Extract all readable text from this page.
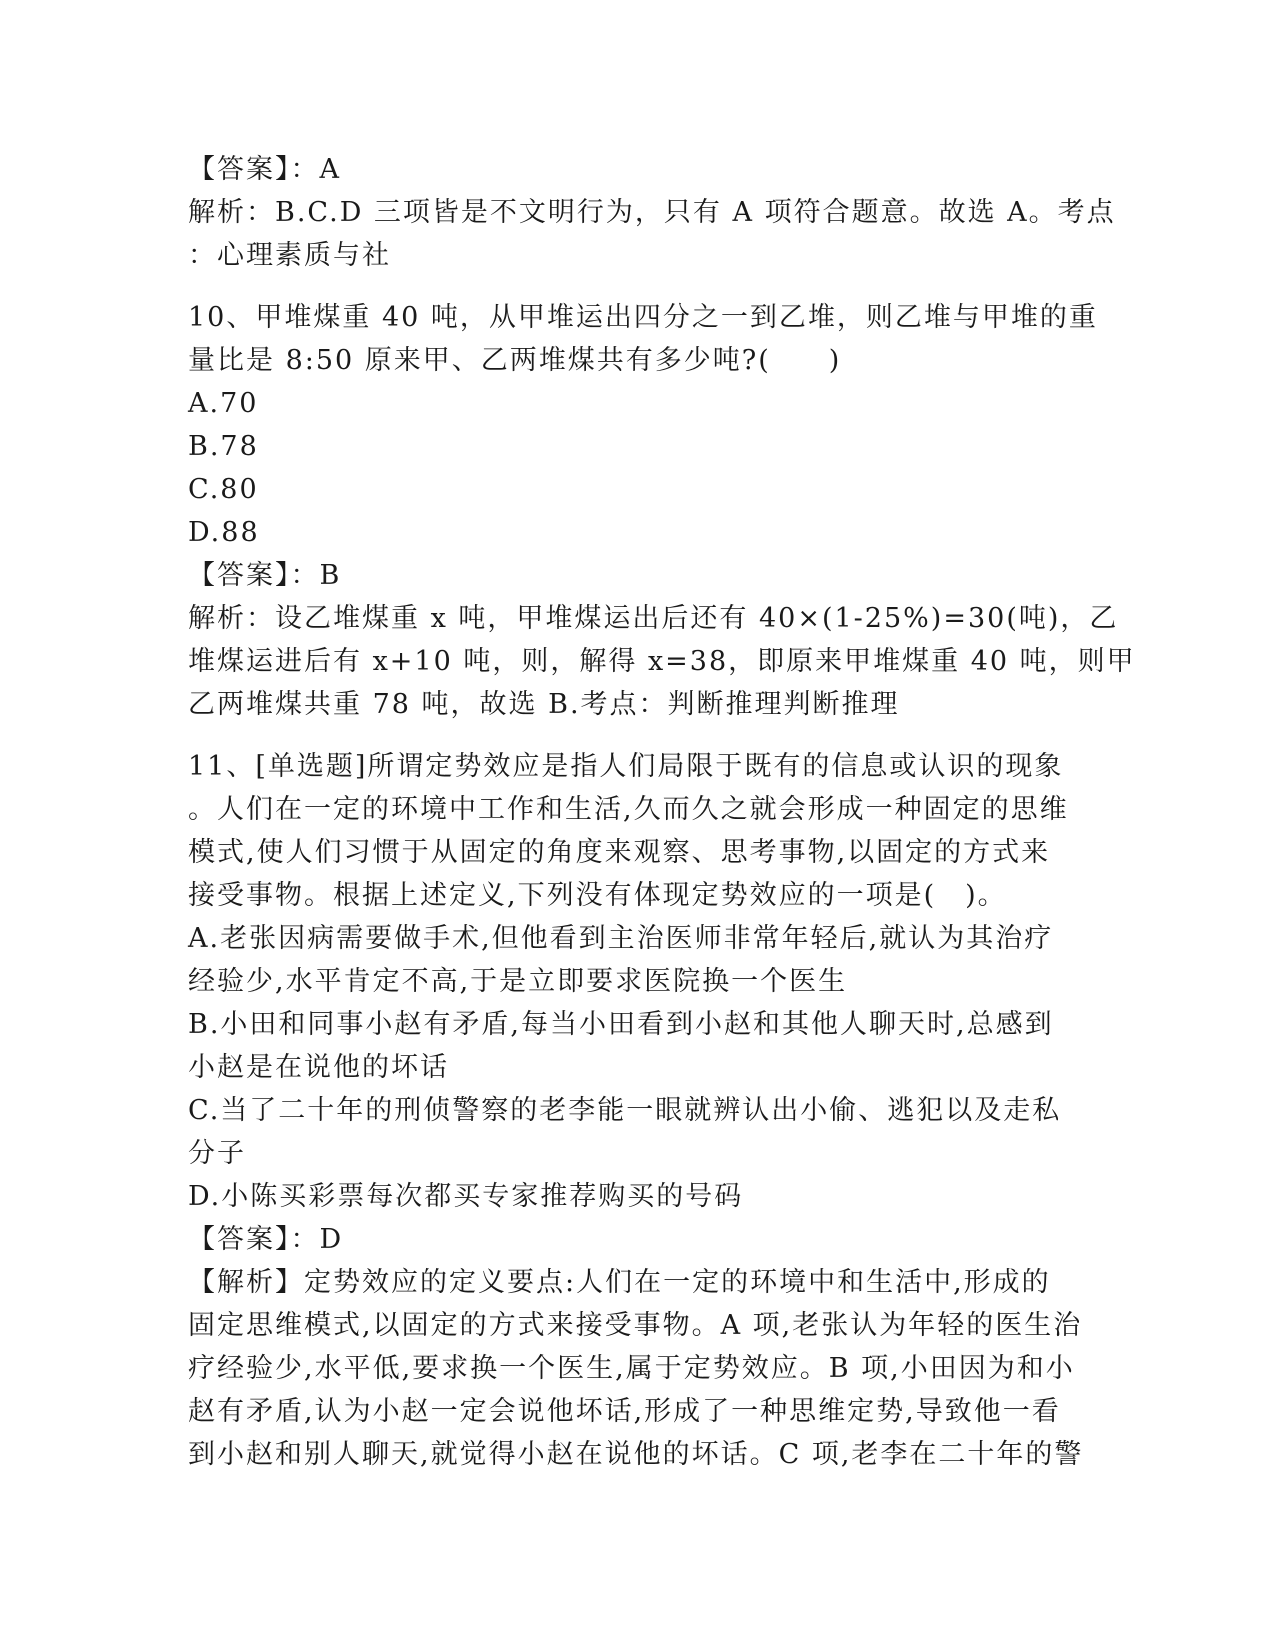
【答案】：A
解析：B.C.D 三项皆是不文明行为，只有 A 项符合题意。故选 A。考点
：心理素质与社
10、甲堆煤重 40 吨，从甲堆运出四分之一到乙堆，则乙堆与甲堆的重
量比是 8:50 原来甲、乙两堆煤共有多少吨?(　　)
A.70
B.78
C.80
D.88
【答案】：B
解析：设乙堆煤重 x 吨，甲堆煤运出后还有 40×(1-25%)=30(吨)，乙
堆煤运进后有 x+10 吨，则，解得 x=38，即原来甲堆煤重 40 吨，则甲
乙两堆煤共重 78 吨，故选 B.考点：判断推理判断推理
11、[单选题]所谓定势效应是指人们局限于既有的信息或认识的现象
。人们在一定的环境中工作和生活,久而久之就会形成一种固定的思维
模式,使人们习惯于从固定的角度来观察、思考事物,以固定的方式来
接受事物。根据上述定义,下列没有体现定势效应的一项是(　)。
A.老张因病需要做手术,但他看到主治医师非常年轻后,就认为其治疗
经验少,水平肯定不高,于是立即要求医院换一个医生
B.小田和同事小赵有矛盾,每当小田看到小赵和其他人聊天时,总感到
小赵是在说他的坏话
C.当了二十年的刑侦警察的老李能一眼就辨认出小偷、逃犯以及走私
分子
D.小陈买彩票每次都买专家推荐购买的号码
【答案】：D
【解析】定势效应的定义要点:人们在一定的环境中和生活中,形成的
固定思维模式,以固定的方式来接受事物。A 项,老张认为年轻的医生治
疗经验少,水平低,要求换一个医生,属于定势效应。B 项,小田因为和小
赵有矛盾,认为小赵一定会说他坏话,形成了一种思维定势,导致他一看
到小赵和别人聊天,就觉得小赵在说他的坏话。C 项,老李在二十年的警
